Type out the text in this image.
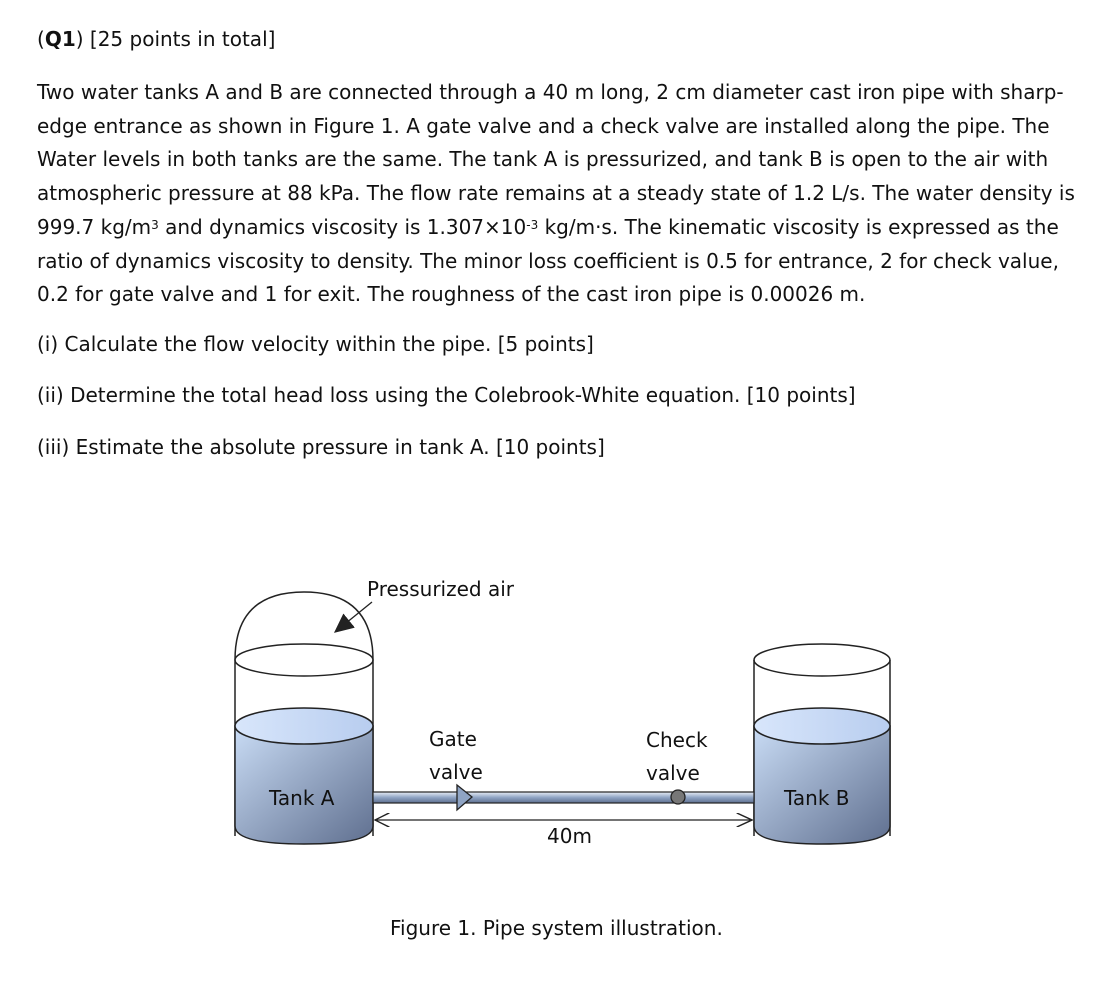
(Q1) [25 points in total]

Two water tanks A and B are connected through a 40 m long, 2 cm diameter cast iron pipe with sharp-edge entrance as shown in Figure 1. A gate valve and a check valve are installed along the pipe. The Water levels in both tanks are the same. The tank A is pressurized, and tank B is open to the air with atmospheric pressure at 88 kPa. The flow rate remains at a steady state of 1.2 L/s. The water density is 999.7 $kg/m^3$ and dynamics viscosity is $1.307\times 10^{-3}$ kg/m·s. The kinematic viscosity is expressed as the ratio of dynamics viscosity to density. The minor loss coefficient is 0.5 for entrance, 2 for check value, 0.2 for gate valve and 1 for exit. The roughness of the cast iron pipe is 0.00026 m.

(i) Calculate the flow velocity within the pipe. [5 points]

(ii) Determine the total head loss using the Colebrook-White equation. [10 points]

(iii) Estimate the absolute pressure in tank A. [10 points]

Tank A	Tank B
Gate
valve
Check
valve
40m
Pressurized air
Figure 1. Pipe system illustration.
